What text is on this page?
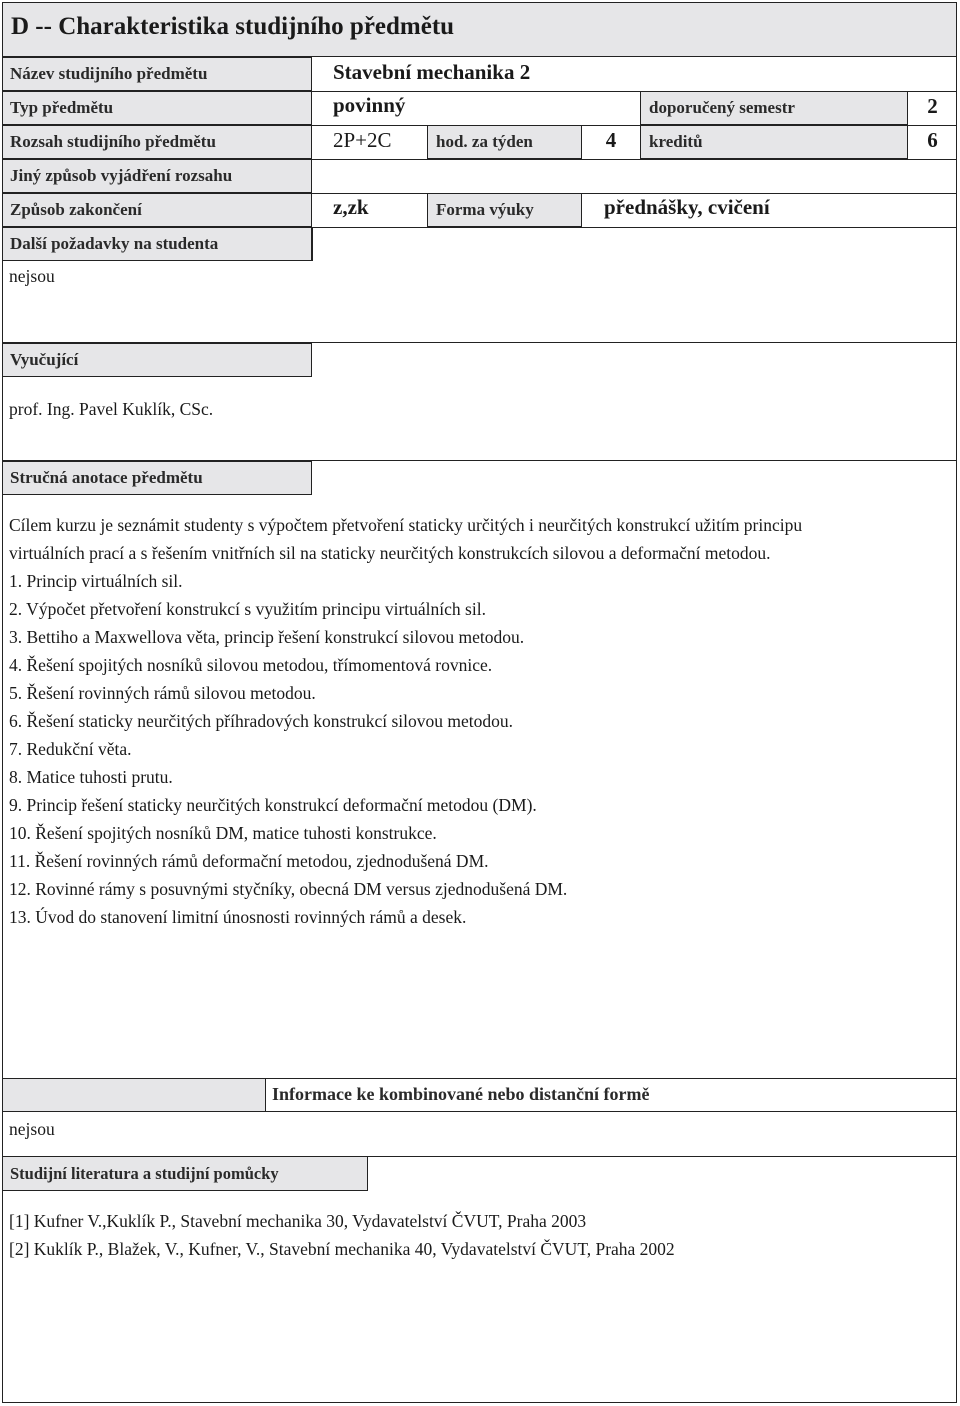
D -- Charakteristika studijního předmětu
Název studijního předmětu	Stavební mechanika 2
Typ předmětu	povinný	doporučený semestr	2
Rozsah studijního předmětu	2P+2C	hod. za týden	4	kreditů	6
Jiný způsob vyjádření rozsahu
Způsob zakončení	z,zk	Forma výuky	přednášky, cvičení
Další požadavky na studenta
nejsou
Vyučující
prof. Ing. Pavel Kuklík, CSc.
Stručná anotace předmětu
Cílem kurzu je seznámit studenty s výpočtem přetvoření staticky určitých i neurčitých konstrukcí užitím principu
virtuálních prací a s řešením vnitřních sil na staticky neurčitých konstrukcích silovou a deformační metodou.
1. Princip virtuálních sil.
2. Výpočet přetvoření konstrukcí s využitím principu virtuálních sil.
3. Bettiho a Maxwellova věta, princip řešení konstrukcí silovou metodou.
4. Řešení spojitých nosníků silovou metodou, třímomentová rovnice.
5. Řešení rovinných rámů silovou metodou.
6. Řešení staticky neurčitých příhradových konstrukcí silovou metodou.
7. Redukční věta.
8. Matice tuhosti prutu.
9. Princip řešení staticky neurčitých konstrukcí deformační metodou (DM).
10. Řešení spojitých nosníků DM, matice tuhosti konstrukce.
11. Řešení rovinných rámů deformační metodou, zjednodušená DM.
12. Rovinné rámy s posuvnými styčníky, obecná DM versus zjednodušená DM.
13. Úvod do stanovení limitní únosnosti rovinných rámů a desek.
Informace ke kombinované nebo distanční formě
nejsou
Studijní literatura a studijní pomůcky
[1] Kufner V.,Kuklík P., Stavební mechanika 30, Vydavatelství ČVUT, Praha 2003
[2] Kuklík P., Blažek, V., Kufner, V., Stavební mechanika 40, Vydavatelství ČVUT, Praha 2002
